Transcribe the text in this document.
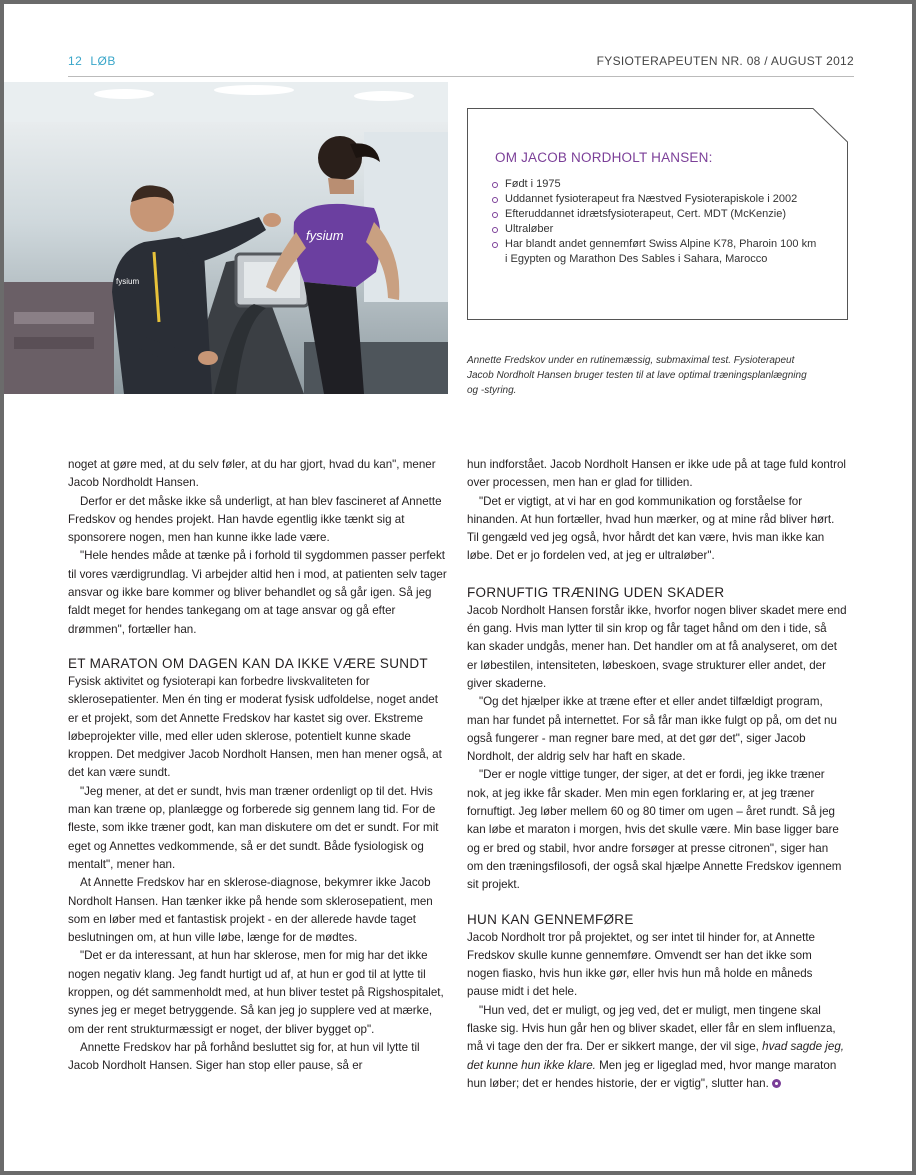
12 LØB	FYSIOTERAPEUTEN NR. 08 / AUGUST 2012
fysium
fysium
OM JACOB NORDHOLT HANSEN:
Født i 1975
Uddannet fysioterapeut fra Næstved Fysioterapiskole i 2002
Efteruddannet idrætsfysioterapeut, Cert. MDT (McKenzie)
Ultraløber
Har blandt andet gennemført Swiss Alpine K78, Pharoin 100 km i Egypten og Marathon Des Sables i Sahara, Marocco
Annette Fredskov under en rutinemæssig, submaximal test. Fysioterapeut Jacob Nordholt Hansen bruger testen til at lave optimal træningsplanlægning og -styring.

noget at gøre med, at du selv føler, at du har gjort, hvad du kan", mener Jacob Nordholdt Hansen.

Derfor er det måske ikke så underligt, at han blev fascineret af Annette Fredskov og hendes projekt. Han havde egentlig ikke tænkt sig at sponsorere nogen, men han kunne ikke lade være.

"Hele hendes måde at tænke på i forhold til sygdommen passer perfekt til vores værdigrundlag. Vi arbejder altid hen i mod, at patienten selv tager ansvar og ikke bare kommer og bliver behandlet og så går igen. Så jeg faldt meget for hendes tankegang om at tage ansvar og gå efter drømmen", fortæller han.

ET MARATON OM DAGEN KAN DA IKKE VÆRE SUNDT

Fysisk aktivitet og fysioterapi kan forbedre livskvaliteten for sklerosepatienter. Men én ting er moderat fysisk udfoldelse, noget andet er et projekt, som det Annette Fredskov har kastet sig over. Ekstreme løbeprojekter ville, med eller uden sklerose, potentielt kunne skade kroppen. Det medgiver Jacob Nordholt Hansen, men han mener også, at det kan være sundt.

"Jeg mener, at det er sundt, hvis man træner ordenligt op til det. Hvis man kan træne op, planlægge og forberede sig gennem lang tid. For de fleste, som ikke træner godt, kan man diskutere om det er sundt. For mit eget og Annettes vedkommende, så er det sundt. Både fysiologisk og mentalt", mener han.

At Annette Fredskov har en sklerose-diagnose, bekymrer ikke Jacob Nordholt Hansen. Han tænker ikke på hende som sklerosepatient, men som en løber med et fantastisk projekt - en der allerede havde taget beslutningen om, at hun ville løbe, længe for de mødtes.

"Det er da interessant, at hun har sklerose, men for mig har det ikke nogen negativ klang. Jeg fandt hurtigt ud af, at hun er god til at lytte til kroppen, og dét sammenholdt med, at hun bliver testet på Rigshospitalet, synes jeg er meget betryggende. Så kan jeg jo supplere ved at mærke, om der rent strukturmæssigt er noget, der bliver bygget op".

Annette Fredskov har på forhånd besluttet sig for, at hun vil lytte til Jacob Nordholt Hansen. Siger han stop eller pause, så er

hun indforstået. Jacob Nordholt Hansen er ikke ude på at tage fuld kontrol over processen, men han er glad for tilliden.

"Det er vigtigt, at vi har en god kommunikation og forståelse for hinanden. At hun fortæller, hvad hun mærker, og at mine råd bliver hørt. Til gengæld ved jeg også, hvor hårdt det kan være, hvis man ikke kan løbe. Det er jo fordelen ved, at jeg er ultraløber".

FORNUFTIG TRÆNING UDEN SKADER

Jacob Nordholt Hansen forstår ikke, hvorfor nogen bliver skadet mere end én gang. Hvis man lytter til sin krop og får taget hånd om den i tide, så kan skader undgås, mener han. Det handler om at få analyseret, om det er løbestilen, intensiteten, løbeskoen, svage strukturer eller andet, der giver skaderne.

"Og det hjælper ikke at træne efter et eller andet tilfældigt program, man har fundet på internettet. For så får man ikke fulgt op på, om det nu også fungerer - man regner bare med, at det gør det", siger Jacob Nordholt, der aldrig selv har haft en skade.

"Der er nogle vittige tunger, der siger, at det er fordi, jeg ikke træner nok, at jeg ikke får skader. Men min egen forklaring er, at jeg træner fornuftigt. Jeg løber mellem 60 og 80 timer om ugen – året rundt. Så jeg kan løbe et maraton i morgen, hvis det skulle være. Min base ligger bare og er bred og stabil, hvor andre forsøger at presse citronen", siger han om den træningsfilosofi, der også skal hjælpe Annette Fredskov igennem sit projekt.

HUN KAN GENNEMFØRE

Jacob Nordholt tror på projektet, og ser intet til hinder for, at Annette Fredskov skulle kunne gennemføre. Omvendt ser han det ikke som nogen fiasko, hvis hun ikke gør, eller hvis hun må holde en måneds pause midt i det hele.

"Hun ved, det er muligt, og jeg ved, det er muligt, men tingene skal flaske sig. Hvis hun går hen og bliver skadet, eller får en slem influenza, må vi tage den der fra. Der er sikkert mange, der vil sige, hvad sagde jeg, det kunne hun ikke klare. Men jeg er ligeglad med, hvor mange maraton hun løber; det er hendes historie, der er vigtig", slutter han.
